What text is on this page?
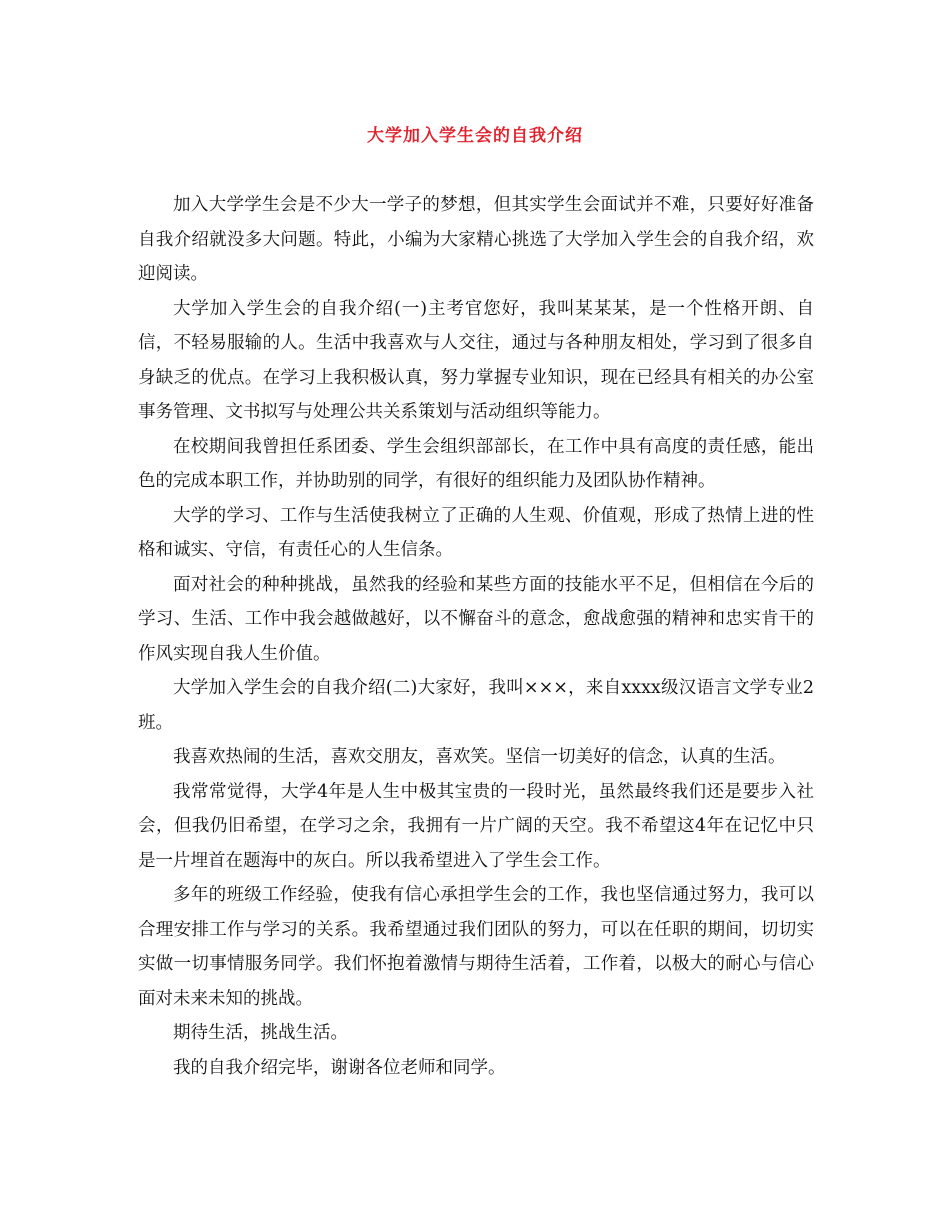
大学加入学生会的自我介绍

加入大学学生会是不少大一学子的梦想，但其实学生会面试并不难，只要好好准备自我介绍就没多大问题。特此，小编为大家精心挑选了大学加入学生会的自我介绍，欢迎阅读。

大学加入学生会的自我介绍(一)主考官您好，我叫某某某，是一个性格开朗、自信，不轻易服输的人。生活中我喜欢与人交往，通过与各种朋友相处，学习到了很多自身缺乏的优点。在学习上我积极认真，努力掌握专业知识，现在已经具有相关的办公室事务管理、文书拟写与处理公共关系策划与活动组织等能力。

在校期间我曾担任系团委、学生会组织部部长，在工作中具有高度的责任感，能出色的完成本职工作，并协助别的同学，有很好的组织能力及团队协作精神。

大学的学习、工作与生活使我树立了正确的人生观、价值观，形成了热情上进的性格和诚实、守信，有责任心的人生信条。

面对社会的种种挑战，虽然我的经验和某些方面的技能水平不足，但相信在今后的学习、生活、工作中我会越做越好，以不懈奋斗的意念，愈战愈强的精神和忠实肯干的作风实现自我人生价值。

大学加入学生会的自我介绍(二)大家好，我叫×××，来自xxxx级汉语言文学专业2班。

我喜欢热闹的生活，喜欢交朋友，喜欢笑。坚信一切美好的信念，认真的生活。

我常常觉得，大学4年是人生中极其宝贵的一段时光，虽然最终我们还是要步入社会，但我仍旧希望，在学习之余，我拥有一片广阔的天空。我不希望这4年在记忆中只是一片埋首在题海中的灰白。所以我希望进入了学生会工作。

多年的班级工作经验，使我有信心承担学生会的工作，我也坚信通过努力，我可以合理安排工作与学习的关系。我希望通过我们团队的努力，可以在任职的期间，切切实实做一切事情服务同学。我们怀抱着激情与期待生活着，工作着，以极大的耐心与信心面对未来未知的挑战。

期待生活，挑战生活。

我的自我介绍完毕，谢谢各位老师和同学。
